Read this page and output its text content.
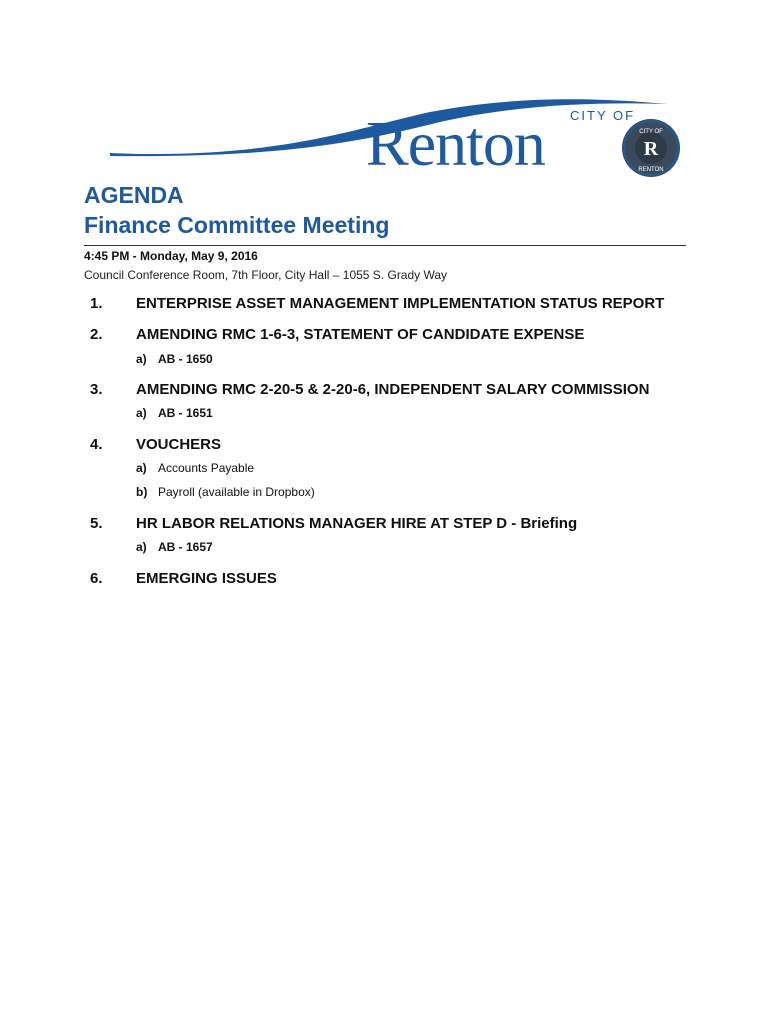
CITY OF
Renton	CITY OF
RENTON
R
AGENDA
Finance Committee Meeting
4:45 PM - Monday, May 9, 2016
Council Conference Room, 7th Floor, City Hall – 1055 S. Grady Way
1. ENTERPRISE ASSET MANAGEMENT IMPLEMENTATION STATUS REPORT
2. AMENDING RMC 1-6-3, STATEMENT OF CANDIDATE EXPENSE
a) AB - 1650
3. AMENDING RMC 2-20-5 & 2-20-6, INDEPENDENT SALARY COMMISSION
a) AB - 1651
4. VOUCHERS
a) Accounts Payable
b) Payroll (available in Dropbox)
5. HR LABOR RELATIONS MANAGER HIRE AT STEP D - Briefing
a) AB - 1657
6. EMERGING ISSUES
